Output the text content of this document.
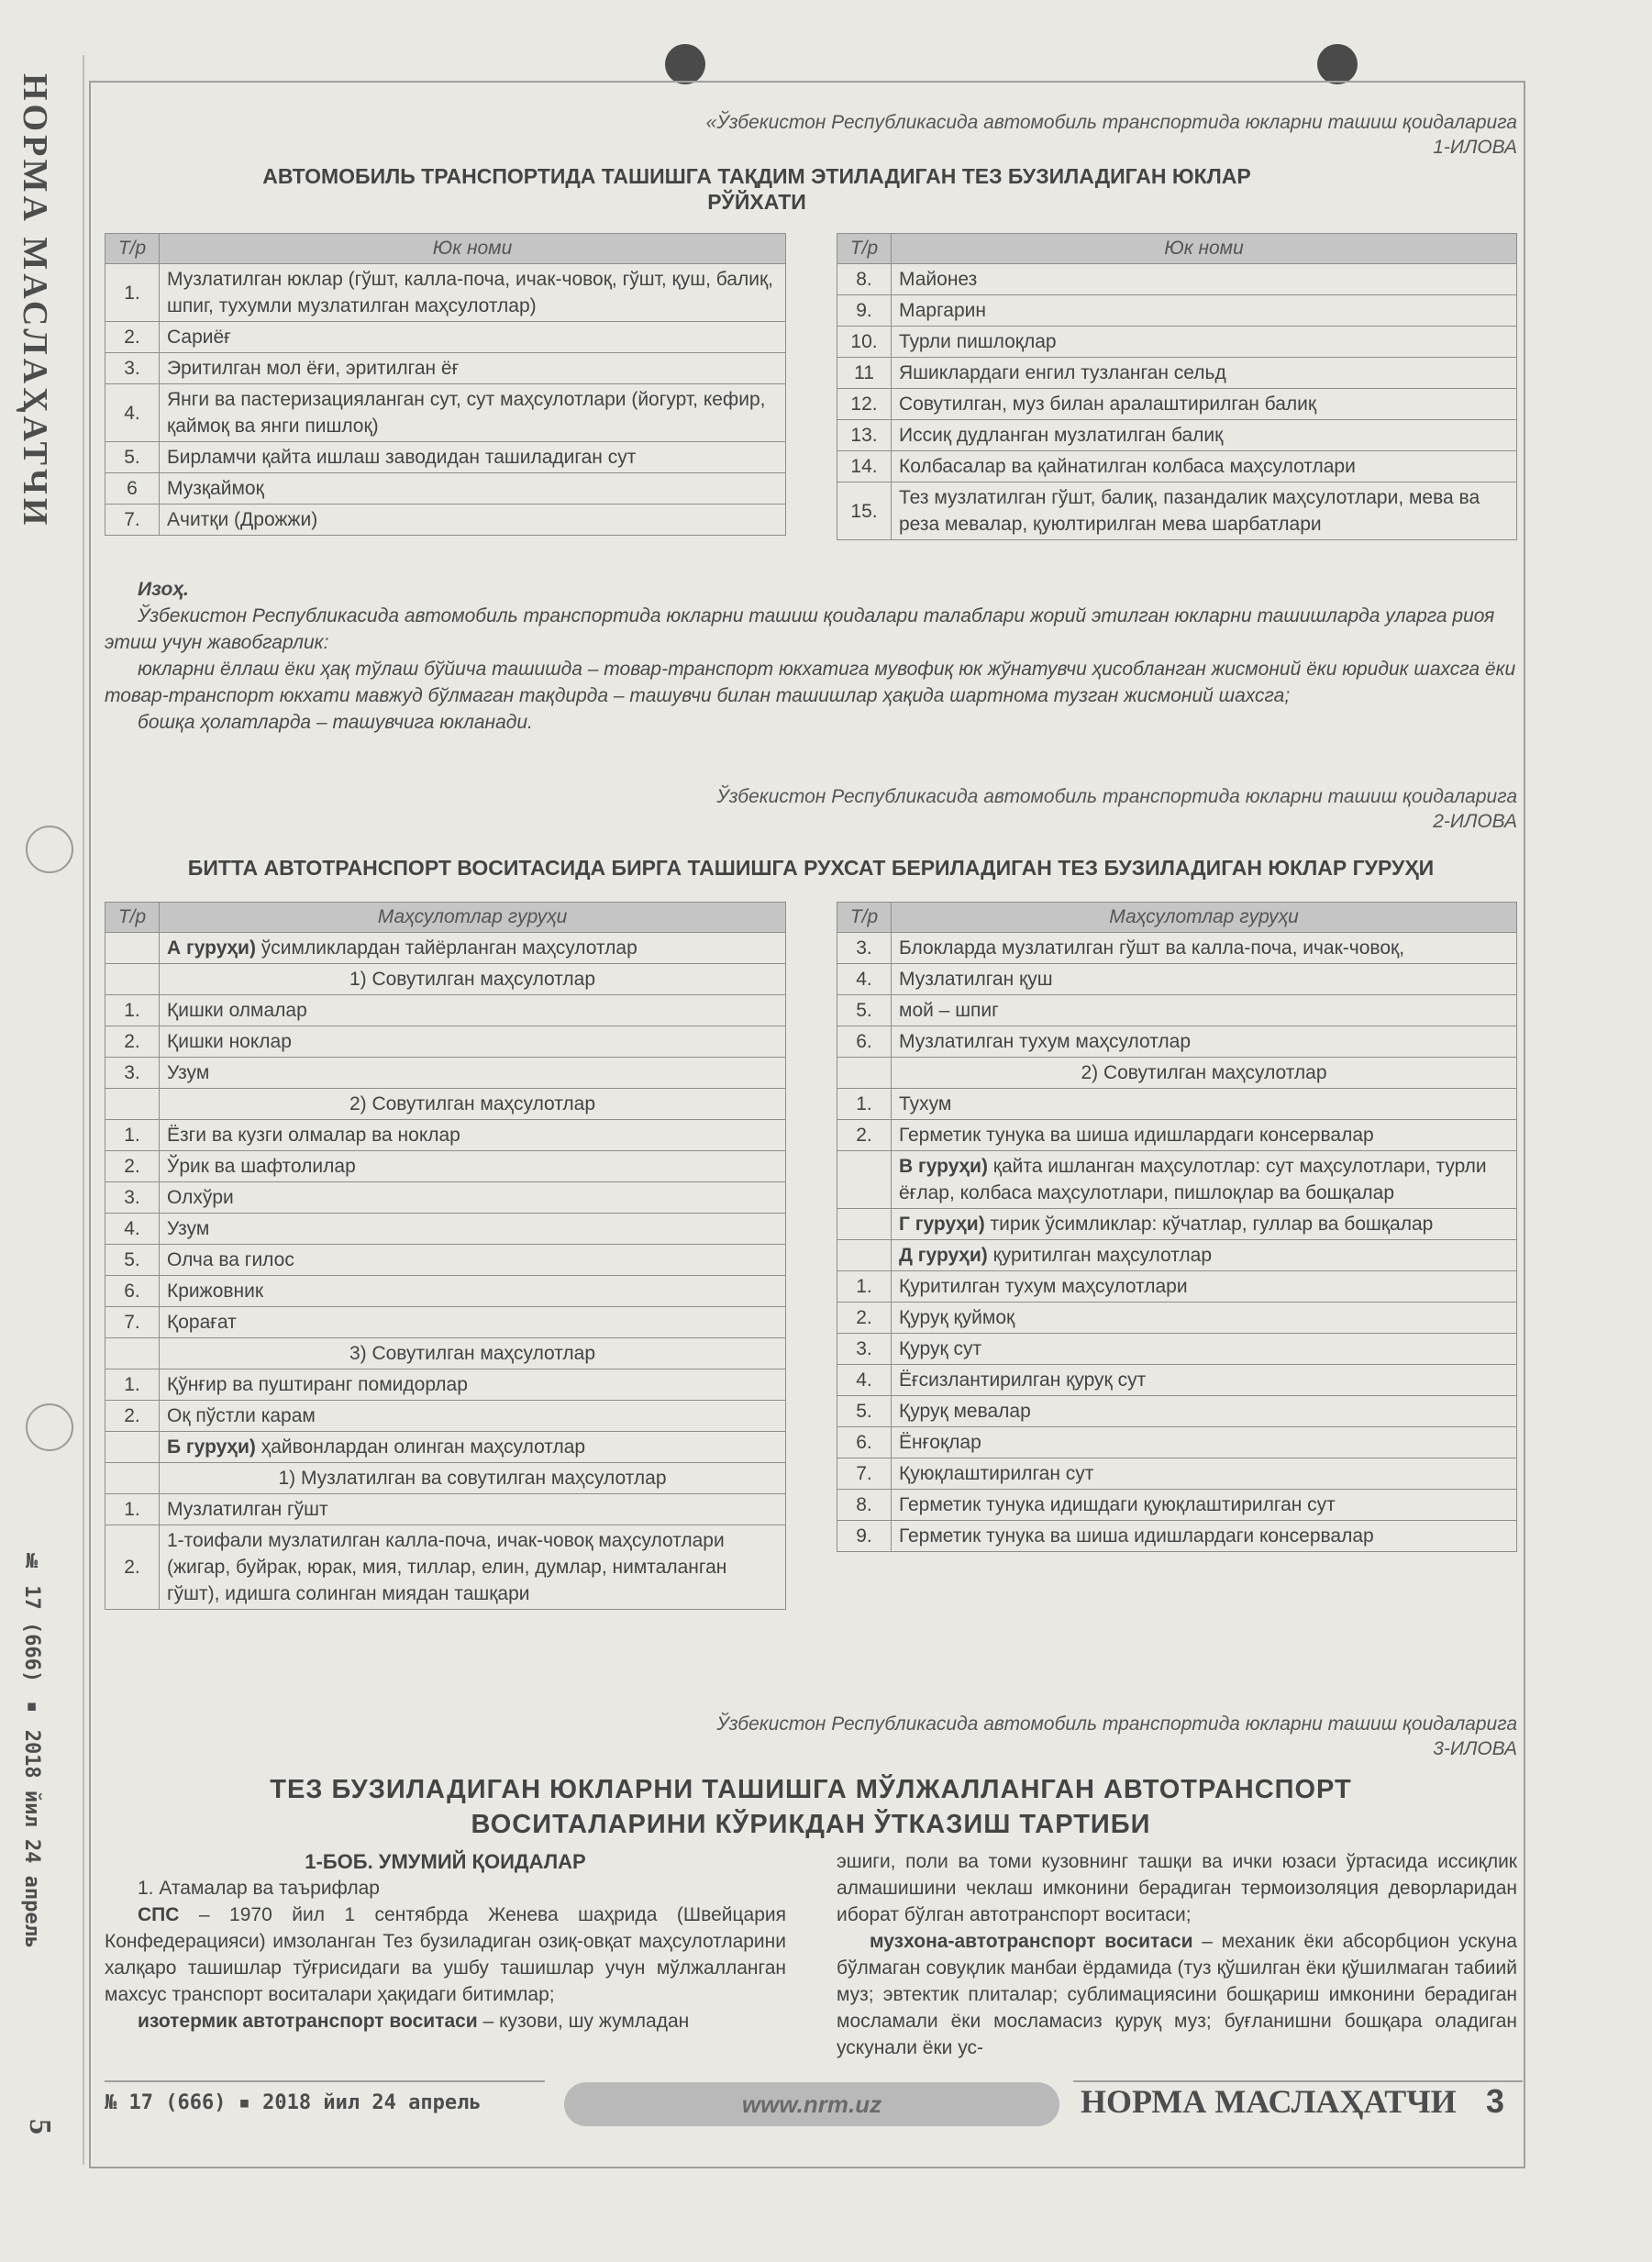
НОРМА МАСЛАҲАТЧИ
№ 17 (666) ▪ 2018 йил 24 апрель
5
«Ўзбекистон Республикасида автомобиль транспортида юкларни ташиш қоидаларига
1-ИЛОВА
АВТОМОБИЛЬ ТРАНСПОРТИДА ТАШИШГА ТАҚДИМ ЭТИЛАДИГАН ТЕЗ БУЗИЛАДИГАН ЮКЛАР
РЎЙХАТИ
Т/р	Юк номи
1.	Музлатилган юклар (гўшт, калла-поча, ичак-човоқ, гўшт, қуш, балиқ, шпиг, тухумли музлатилган маҳсулотлар)
2.	Сариёғ
3.	Эритилган мол ёғи, эритилган ёғ
4.	Янги ва пастеризацияланган сут, сут маҳсулотлари (йогурт, кефир, қаймоқ ва янги пишлоқ)
5.	Бирламчи қайта ишлаш заводидан ташиладиган сут
6	Музқаймоқ
7.	Ачитқи (Дрожжи)
Т/р	Юк номи
8.	Майонез
9.	Маргарин
10.	Турли пишлоқлар
11	Яшиклардаги енгил тузланган сельд
12.	Совутилган, муз билан аралаштирилган балиқ
13.	Иссиқ дудланган музлатилган балиқ
14.	Колбасалар ва қайнатилган колбаса маҳсулотлари
15.	Тез музлатилган гўшт, балиқ, пазандалик маҳсулотлари, мева ва реза мевалар, қуюлтирилган мева шарбатлари
Изоҳ.

Ўзбекистон Республикасида автомобиль транспортида юкларни ташиш қоидалари талаблари жорий этилган юкларни ташишларда уларга риоя этиш учун жавобгарлик:

юкларни ёллаш ёки ҳақ тўлаш бўйича ташишда – товар-транспорт юкхатига мувофиқ юк жўнатувчи ҳисобланган жисмоний ёки юридик шахсга ёки товар-транспорт юкхати мавжуд бўлмаган тақдирда – ташувчи билан ташишлар ҳақида шартнома тузган жисмоний шахсга;

бошқа ҳолатларда – ташувчига юкланади.

Ўзбекистон Республикасида автомобиль транспортида юкларни ташиш қоидаларига
2-ИЛОВА
БИТТА АВТОТРАНСПОРТ ВОСИТАСИДА БИРГА ТАШИШГА РУХСАТ БЕРИЛАДИГАН ТЕЗ БУЗИЛАДИГАН ЮКЛАР ГУРУҲИ
Т/р	Маҳсулотлар гуруҳи
	А гуруҳи) ўсимликлардан тайёрланган маҳсулотлар
	1) Совутилган маҳсулотлар
1.	Қишки олмалар
2.	Қишки ноклар
3.	Узум
	2) Совутилган маҳсулотлар
1.	Ёзги ва кузги олмалар ва ноклар
2.	Ўрик ва шафтолилар
3.	Олхўри
4.	Узум
5.	Олча ва гилос
6.	Крижовник
7.	Қорағат
	3) Совутилган маҳсулотлар
1.	Қўнғир ва пуштиранг помидорлар
2.	Оқ пўстли карам
	Б гуруҳи) ҳайвонлардан олинган маҳсулотлар
	1) Музлатилган ва совутилган маҳсулотлар
1.	Музлатилган гўшт
2.	1-тоифали музлатилган калла-поча, ичак-човоқ маҳсулотлари (жигар, буйрак, юрак, мия, тиллар, елин, думлар, нимталанган гўшт), идишга солинган миядан ташқари
Т/р	Маҳсулотлар гуруҳи
3.	Блокларда музлатилган гўшт ва калла-поча, ичак-човоқ,
4.	Музлатилган қуш
5.	мой – шпиг
6.	Музлатилган тухум маҳсулотлар
	2) Совутилган маҳсулотлар
1.	Тухум
2.	Герметик тунука ва шиша идишлардаги консервалар
	В гуруҳи) қайта ишланган маҳсулотлар: сут маҳсулотлари, турли ёғлар, колбаса маҳсулотлари, пишлоқлар ва бошқалар
	Г гуруҳи) тирик ўсимликлар: кўчатлар, гуллар ва бошқалар
	Д гуруҳи) қуритилган маҳсулотлар
1.	Қуритилган тухум маҳсулотлари
2.	Қуруқ қуймоқ
3.	Қуруқ сут
4.	Ёғсизлантирилган қуруқ сут
5.	Қуруқ мевалар
6.	Ёнғоқлар
7.	Қуюқлаштирилган сут
8.	Герметик тунука идишдаги қуюқлаштирилган сут
9.	Герметик тунука ва шиша идишлардаги консервалар
Ўзбекистон Республикасида автомобиль транспортида юкларни ташиш қоидаларига
3-ИЛОВА
ТЕЗ БУЗИЛАДИГАН ЮКЛАРНИ ТАШИШГА МЎЛЖАЛЛАНГАН АВТОТРАНСПОРТ
ВОСИТАЛАРИНИ КЎРИКДАН ЎТКАЗИШ ТАРТИБИ
1-БОБ. УМУМИЙ ҚОИДАЛАР

1. Атамалар ва таърифлар

СПС – 1970 йил 1 сентябрда Женева шаҳрида (Швейцария Конфедерацияси) имзоланган Тез бузиладиган озиқ-овқат маҳсулотларини халқаро ташишлар тўғрисидаги ва ушбу ташишлар учун мўлжалланган махсус транспорт воситалари ҳақидаги битимлар;

изотермик автотранспорт воситаси – кузови, шу жумладан

эшиги, поли ва томи кузовнинг ташқи ва ички юзаси ўртасида иссиқлик алмашишини чеклаш имконини берадиган термоизоляция деворларидан иборат бўлган автотранспорт воситаси;

музхона-автотранспорт воситаси – механик ёки абсорбцион ускуна бўлмаган совуқлик манбаи ёрдамида (туз қўшилган ёки қўшилмаган табиий муз; эвтектик плиталар; сублимациясини бошқариш имконини берадиган мосламали ёки мосламасиз қуруқ муз; буғланишни бошқара оладиган ускунали ёки ус-

№ 17 (666) ▪ 2018 йил 24 апрель	www.nrm.uz	НОРМА МАСЛАҲАТЧИ 3
